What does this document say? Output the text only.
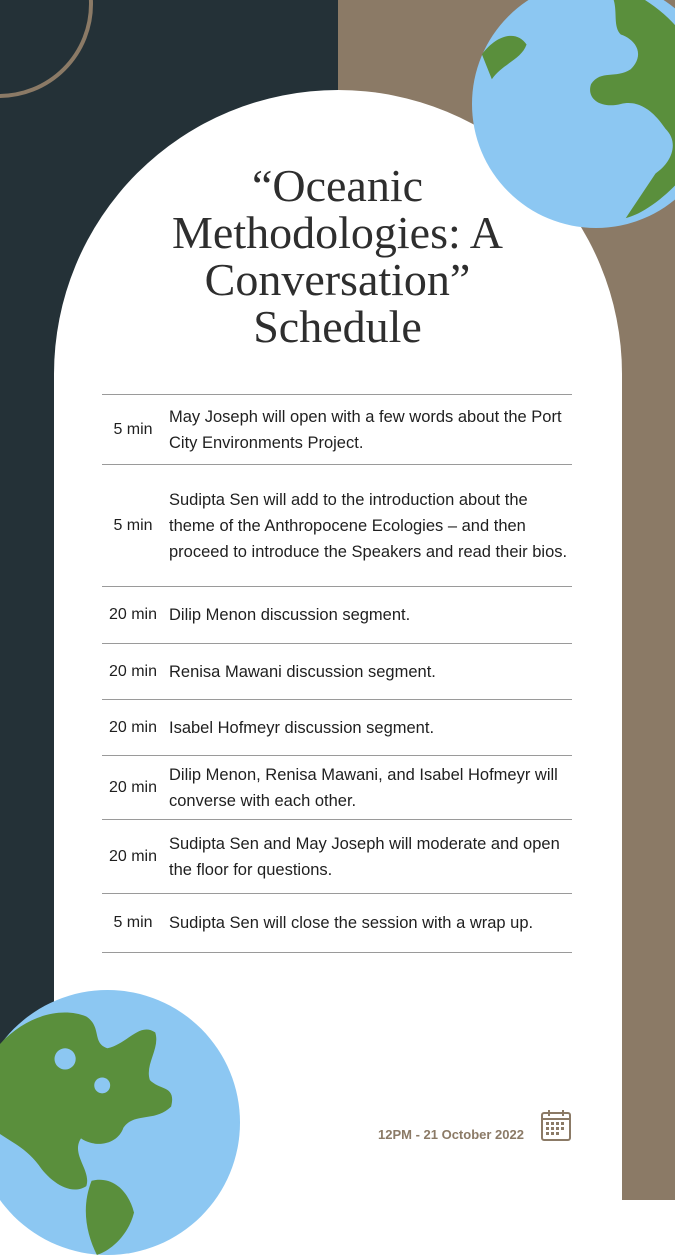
“Oceanic
Methodologies: A
Conversation”
Schedule
5 min
May Joseph will open with a few words about the Port City Environments Project.
5 min
Sudipta Sen will add to the introduction about the theme of the Anthropocene Ecologies – and then proceed to introduce the Speakers and read their bios.
20 min Dilip Menon discussion segment.
20 min Renisa Mawani discussion segment.
20 min Isabel Hofmeyr discussion segment.
20 min
Dilip Menon, Renisa Mawani, and Isabel Hofmeyr will converse with each other.
20 min
Sudipta Sen and May Joseph will moderate and open the floor for questions.
5 min Sudipta Sen will close the session with a wrap up.
12PM - 21 October 2022
